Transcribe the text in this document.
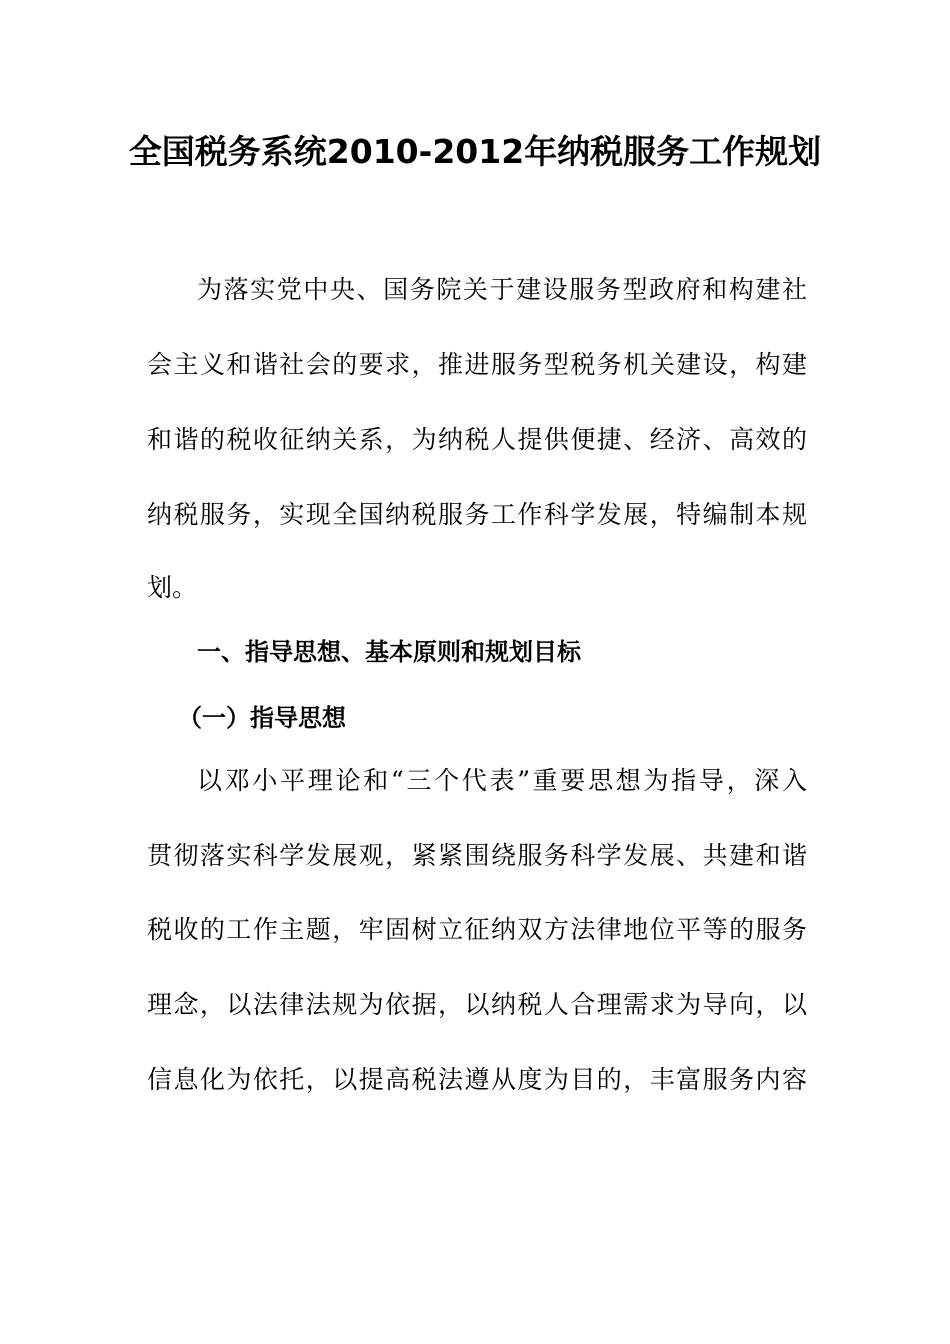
全国税务系统2010-2012年纳税服务工作规划
为落实党中央、国务院关于建设服务型政府和构建社
会主义和谐社会的要求，推进服务型税务机关建设，构建
和谐的税收征纳关系，为纳税人提供便捷、经济、高效的
纳税服务，实现全国纳税服务工作科学发展，特编制本规
划。
一、指导思想、基本原则和规划目标
（一）指导思想
以邓小平理论和“三个代表”重要思想为指导，深入
贯彻落实科学发展观，紧紧围绕服务科学发展、共建和谐
税收的工作主题，牢固树立征纳双方法律地位平等的服务
理念，以法律法规为依据，以纳税人合理需求为导向，以
信息化为依托，以提高税法遵从度为目的，丰富服务内容
